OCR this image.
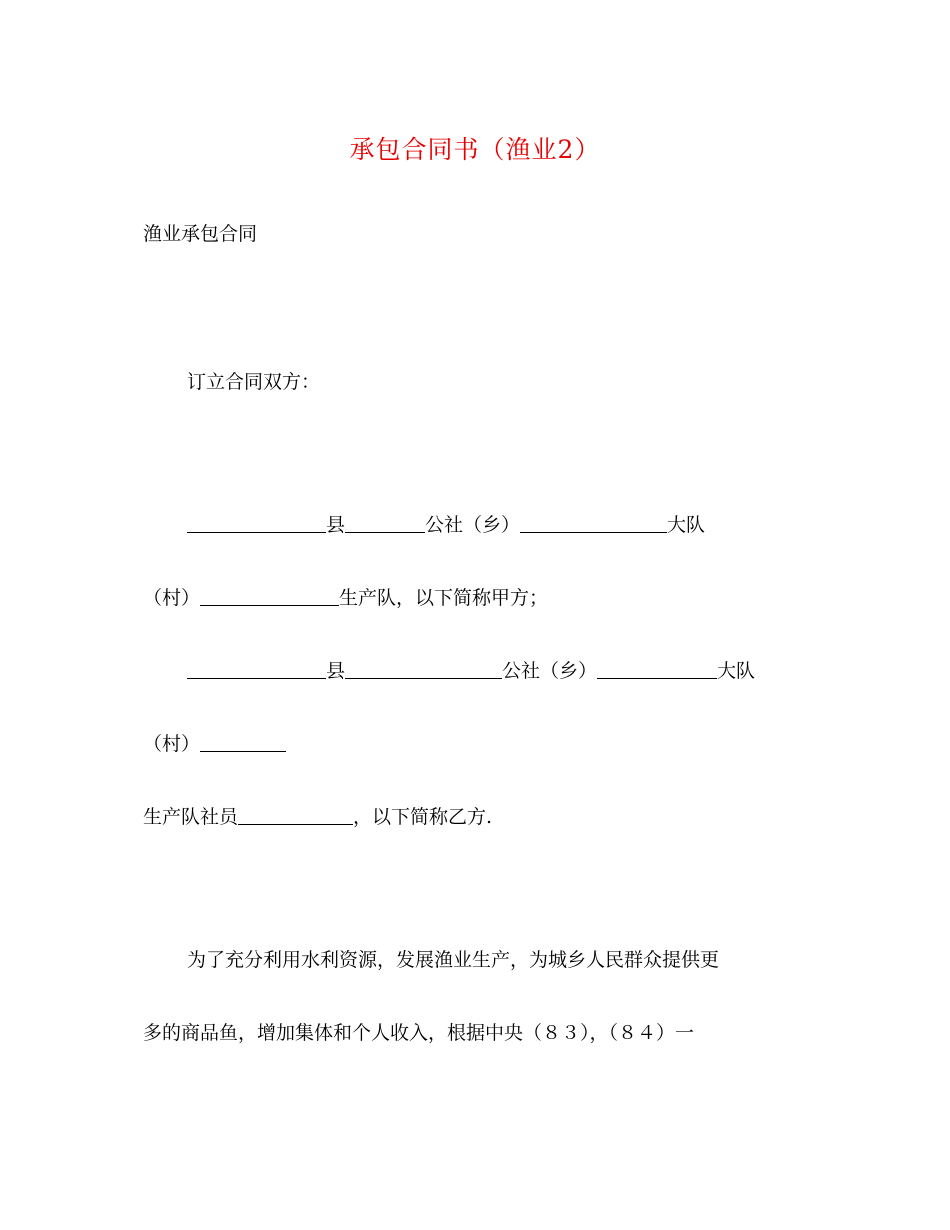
承包合同书（渔业2）
渔业承包合同
订立合同双方：
县	公社（乡）	大队
（村）	生产队，以下简称甲方；
县	公社（乡）	大队
（村）
生产队社员	，以下简称乙方.
为了充分利用水利资源，发展渔业生产，为城乡人民群众提供更
多的商品鱼，增加集体和个人收入，根据中央（８３），（８４）一
